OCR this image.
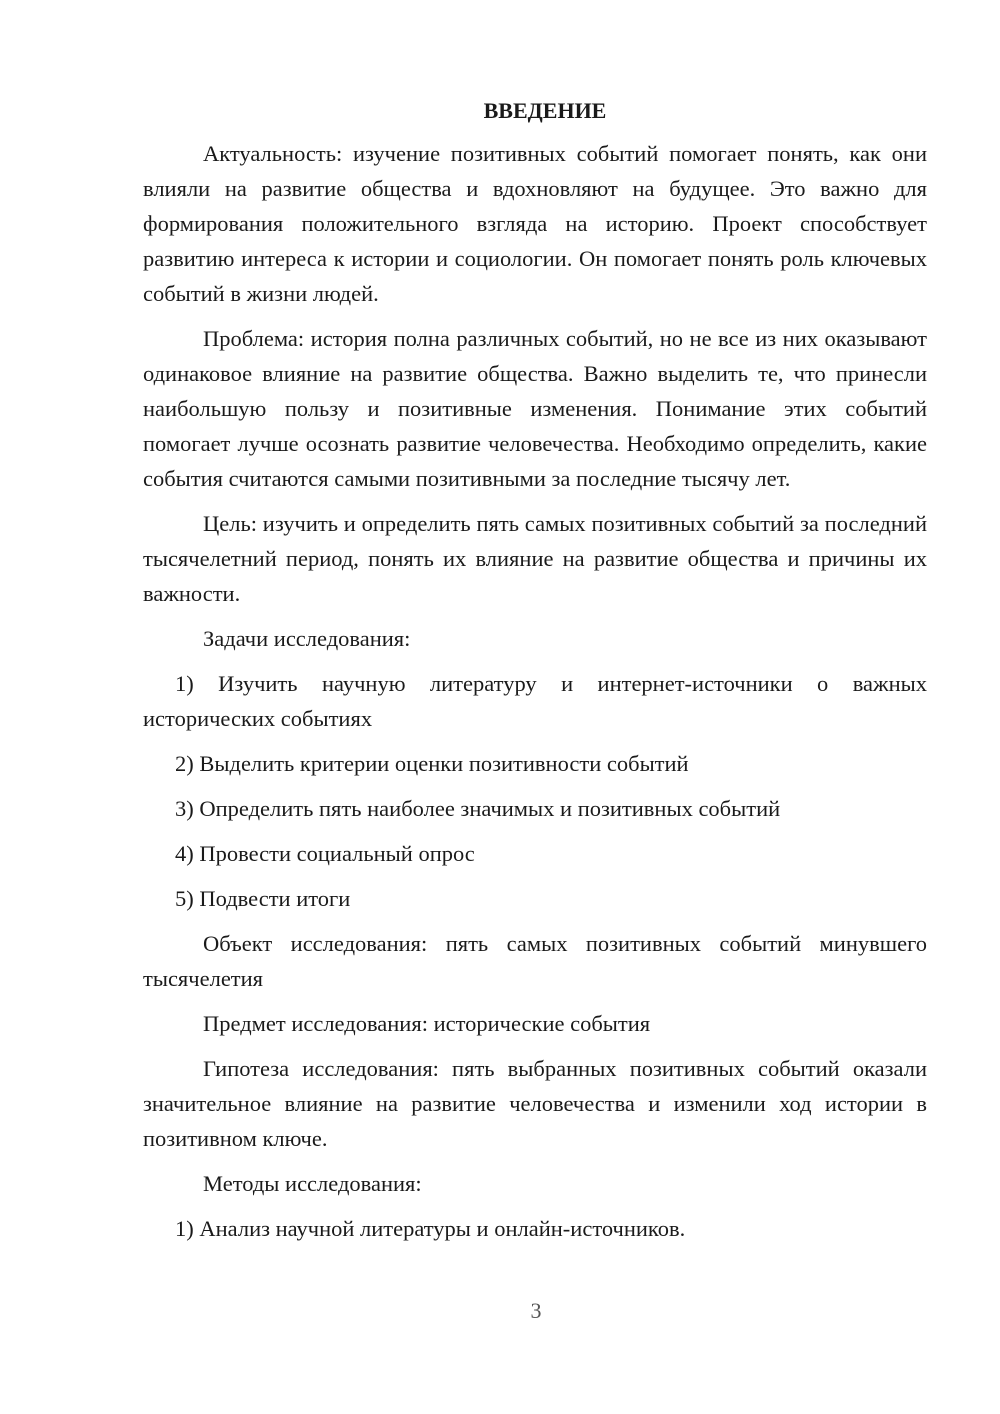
ВВЕДЕНИЕ

Актуальность: изучение позитивных событий помогает понять, как они влияли на развитие общества и вдохновляют на будущее. Это важно для формирования положительного взгляда на историю. Проект способствует развитию интереса к истории и социологии. Он помогает понять роль ключевых событий в жизни людей.

Проблема: история полна различных событий, но не все из них оказывают одинаковое влияние на развитие общества. Важно выделить те, что принесли наибольшую пользу и позитивные изменения. Понимание этих событий помогает лучше осознать развитие человечества. Необходимо определить, какие события считаются самыми позитивными за последние тысячу лет.

Цель: изучить и определить пять самых позитивных событий за последний тысячелетний период, понять их влияние на развитие общества и причины их важности.

Задачи исследования:

1) Изучить научную литературу и интернет-источники о важных исторических событиях

2) Выделить критерии оценки позитивности событий

3) Определить пять наиболее значимых и позитивных событий

4) Провести социальный опрос

5) Подвести итоги

Объект исследования: пять самых позитивных событий минувшего тысячелетия

Предмет исследования: исторические события

Гипотеза исследования: пять выбранных позитивных событий оказали значительное влияние на развитие человечества и изменили ход истории в позитивном ключе.

Методы исследования:

1) Анализ научной литературы и онлайн-источников.

3
